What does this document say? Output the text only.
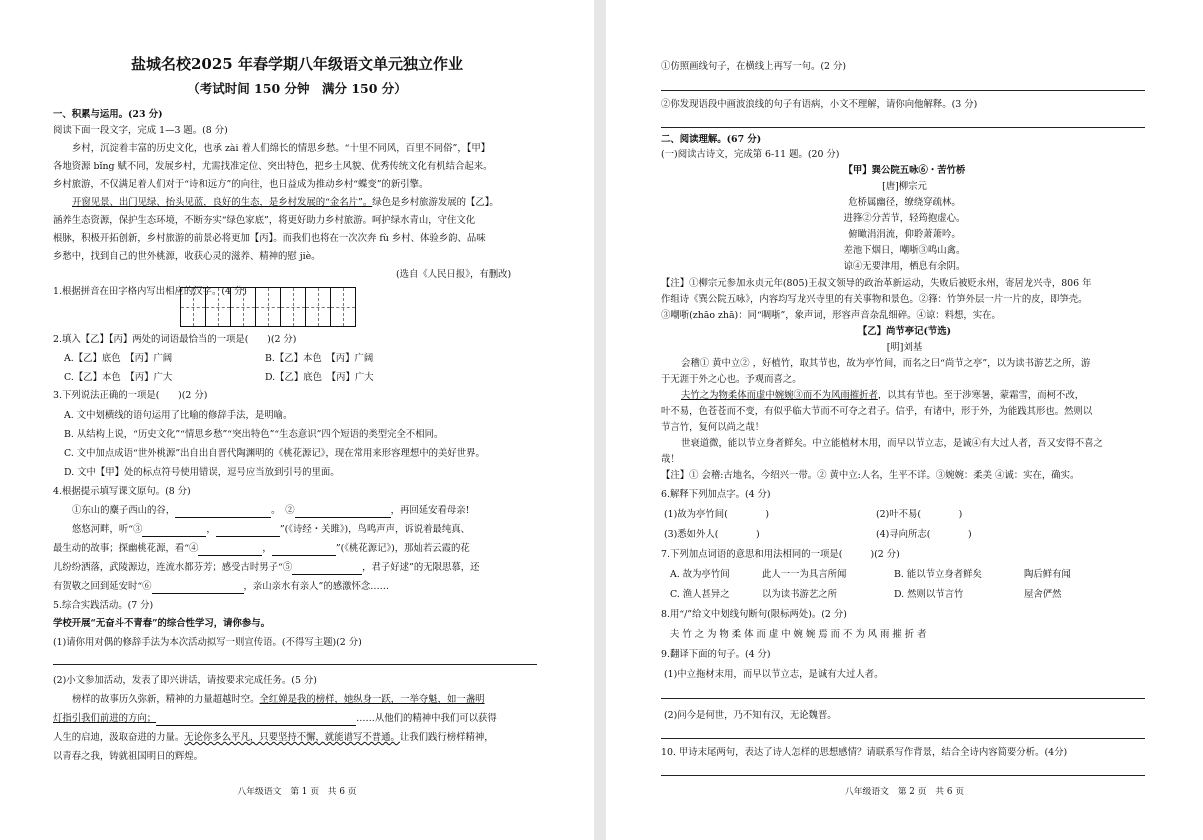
盐城名校2025 年春学期八年级语文单元独立作业
（考试时间 150 分钟　满分 150 分）
一、积累与运用。(23 分)
阅读下面一段文字，完成 1—3 题。(8 分)
乡村，沉淀着丰富的历史文化，也承 zài 着人们绵长的情思乡愁。“十里不同风，百里不同俗”，【甲】
各地资源 bǐng 赋不同，发展乡村，尤需找准定位、突出特色，把乡土风貌、优秀传统文化有机结合起来。
乡村旅游，不仅满足着人们对于“诗和远方”的向往，也日益成为推动乡村“蝶变”的新引擎。
开窗见景、出门见绿、抬头见蓝，良好的生态，是乡村发展的“金名片”。绿色是乡村旅游发展的【乙】。
涵养生态资源，保护生态环境，不断夯实“绿色家底”，将更好助力乡村旅游。呵护绿水青山，守住文化
根脉，积极开拓创新，乡村旅游的前景必将更加【丙】。而我们也将在一次次奔 fù 乡村、体验乡韵、品味
乡愁中，找到自己的世外桃源，收获心灵的滋养、精神的慰 jiè。
(选自《人民日报》，有删改)
1.根据拼音在田字格内写出相应的汉字。(4 分)
2.填入【乙】【丙】两处的词语最恰当的一项是(　　)(2 分)
A.【乙】底色　【丙】广阔	B.【乙】本色　【丙】广阔
C.【乙】本色　【丙】广大	D.【乙】底色　【丙】广大
3.下列说法正确的一项是(　　)(2 分)
A. 文中划横线的语句运用了比喻的修辞手法，是明喻。
B. 从结构上说，“历史文化”“情思乡愁”“突出特色”“生态意识”四个短语的类型完全不相同。
C. 文中加点成语“世外桃源”出自出自晋代陶渊明的《桃花源记》，现在常用来形容理想中的美好世界。
D. 文中【甲】处的标点符号使用错误，逗号应当放到引号的里面。
4.根据提示填写课文原句。(8 分)
①东山的麋子西山的谷，	。　②	，再回延安看母亲!
悠悠河畔，听“③	，	”(《诗经・关雎》)，鸟鸣声声，诉说着最纯真、
最生动的故事；探幽桃花源，看“④	，	”(《桃花源记》)，那灿若云霞的花
儿纷纷洒落，武陵源边，连流水都芬芳；感受古时男子“⑤	，君子好逑”的无限思慕，还
有贺敬之回到延安时“⑥	，亲山亲水有亲人”的感激怀念……
5.综合实践活动。(7 分)
学校开展“无奋斗不青春”的综合性学习，请你参与。
(1)请你用对偶的修辞手法为本次活动拟写一则宣传语。(不得写主题)(2 分)
(2)小文参加活动，发表了即兴讲话，请按要求完成任务。(5 分)
榜样的故事历久弥新，精神的力量超越时空。全红婵是我的榜样，她纵身一跃，一举夺魁，如一盏明
灯指引我们前进的方向；	……从他们的精神中我们可以获得
人生的启迪，汲取奋进的力量。无论你多么平凡，只要坚持不懈，就能谱写不普通。让我们践行榜样精神，
以青春之我，铸就祖国明日的辉煌。
八年级语文　第 1 页　共 6 页
①仿照画线句子，在横线上再写一句。(2 分)
②你发现语段中画波浪线的句子有语病，小文不理解，请你向他解释。(3 分)
二、阅读理解。(67 分)
(一)阅读古诗文，完成第 6-11 题。(20 分)
【甲】巽公院五咏⑥・苦竹桥
[唐]柳宗元
危桥属幽径，缭绕穿疏林。
进箨②分苦节，轻筠抱虚心。
俯瞰涓涓流，仰聆萧萧吟。
差池下烟日，嘲哳③鸣山禽。
谅④无要津用，栖息有余阴。
【注】①柳宗元参加永贞元年(805)王叔文领导的政治革新运动，失败后被贬永州，寄居龙兴寺，806 年
作组诗《巽公院五咏》，内容均写龙兴寺里的有关事物和景色。②箨：竹笋外层一片一片的皮，即笋壳。
③嘲哳(zhāo zhā)：同“啁哳”，象声词，形容声音杂乱细碎。④谅：料想，实在。
【乙】尚节亭记(节选)
[明]刘基
会稽① 黄中立② ，好植竹，取其节也，故为亭竹间，而名之曰“尚节之亭”，以为读书游艺之所，游
于无涯于外之心也。予观而喜之。
夫竹之为物柔体而虚中婉婉③而不为风雨摧折者，以其有节也。至于涉寒暑，蒙霜雪，而柯不改，
叶不易，色苍苍而不变，有似乎临大节而不可夺之君子。信乎，有诸中，形于外，为能践其形也。然则以
节言竹，复何以尚之哉！
世衰道微，能以节立身者鲜矣。中立能植材木用，而早以节立志，是诚④有大过人者，吾又安得不喜之
哉！
【注】① 会稽:古地名，今绍兴一带。② 黄中立:人名，生平不详。③婉婉：柔美 ④诚：实在，确实。
6.解释下列加点字。(4 分)
(1)故为亭竹间(　　　　)	(2)叶不易(　　　　)
(3)悉如外人(　　　　)	(4)寻向所志(　　　　)
7.下列加点词语的意思和用法相同的一项是(　　　)(2 分)
A. 故为亭竹间	此人一一为具言所闻	B. 能以节立身者鲜矣	陶后鲜有闻
C. 渔人甚异之	以为读书游艺之所	D. 然则以节言竹	屋舍俨然
8.用“/”给文中划线句断句(限标两处)。(2 分)
夫 竹 之 为 物 柔 体 而 虚 中 婉 婉 焉 而 不 为 风 雨 摧 折 者
9.翻译下面的句子。(4 分)
(1)中立拖材末用，而早以节立志，是诚有大过人者。
(2)问今是何世，乃不知有汉，无论魏晋。
10. 甲诗末尾两句，表达了诗人怎样的思想感情？请联系写作背景，结合全诗内容简要分析。(4分)
八年级语文　第 2 页　共 6 页
